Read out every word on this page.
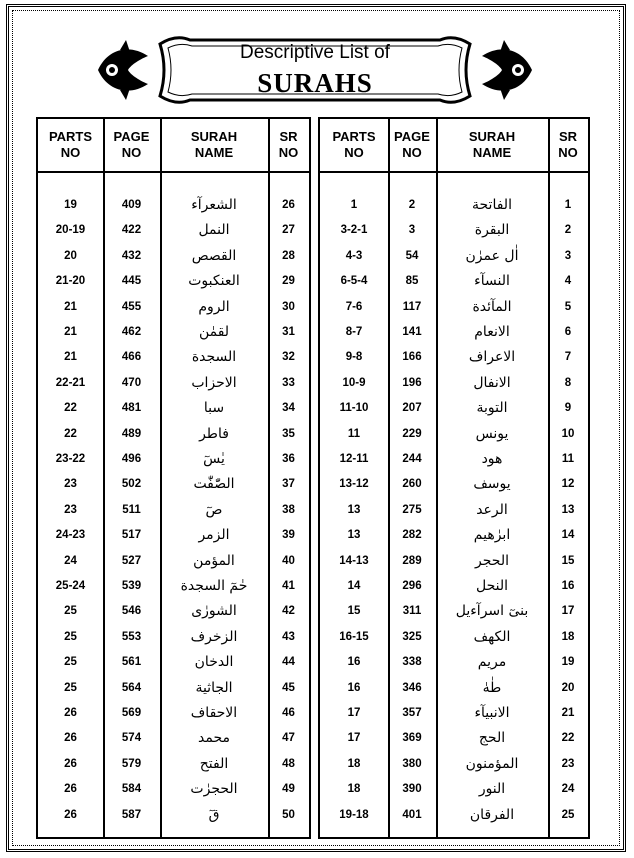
Descriptive List of
SURAHS
PARTS
NO
PAGE
NO
SURAH
NAME
SR
NO
19	409	الشعرآء	26
20-19	422	النمل	27
20	432	القصص	28
21-20	445	العنكبوت	29
21	455	الروم	30
21	462	لقمٰن	31
21	466	السجدة	32
22-21	470	الاحزاب	33
22	481	سبا	34
22	489	فاطر	35
23-22	496	يٰسٓ	36
23	502	الصّٰفّٰت	37
23	511	صٓ	38
24-23	517	الزمر	39
24	527	المؤمن	40
25-24	539	حٰمٓ السجدة	41
25	546	الشورٰى	42
25	553	الزخرف	43
25	561	الدخان	44
25	564	الجاثية	45
26	569	الاحقاف	46
26	574	محمد	47
26	579	الفتح	48
26	584	الحجرٰت	49
26	587	قٓ	50
PARTS
NO
PAGE
NO
SURAH
NAME
SR
NO
1	2	الفاتحة	1
3-2-1	3	البقرة	2
4-3	54	اٰل عمرٰن	3
6-5-4	85	النسآء	4
7-6	117	المآئدة	5
8-7	141	الانعام	6
9-8	166	الاعراف	7
10-9	196	الانفال	8
11-10	207	التوبة	9
11	229	يونس	10
12-11	244	هود	11
13-12	260	يوسف	12
13	275	الرعد	13
13	282	ابرٰهيم	14
14-13	289	الحجر	15
14	296	النحل	16
15	311	بنىٓ اسرآءيل	17
16-15	325	الكهف	18
16	338	مريم	19
16	346	طٰهٰ	20
17	357	الانبيآء	21
17	369	الحج	22
18	380	المؤمنون	23
18	390	النور	24
19-18	401	الفرقان	25
